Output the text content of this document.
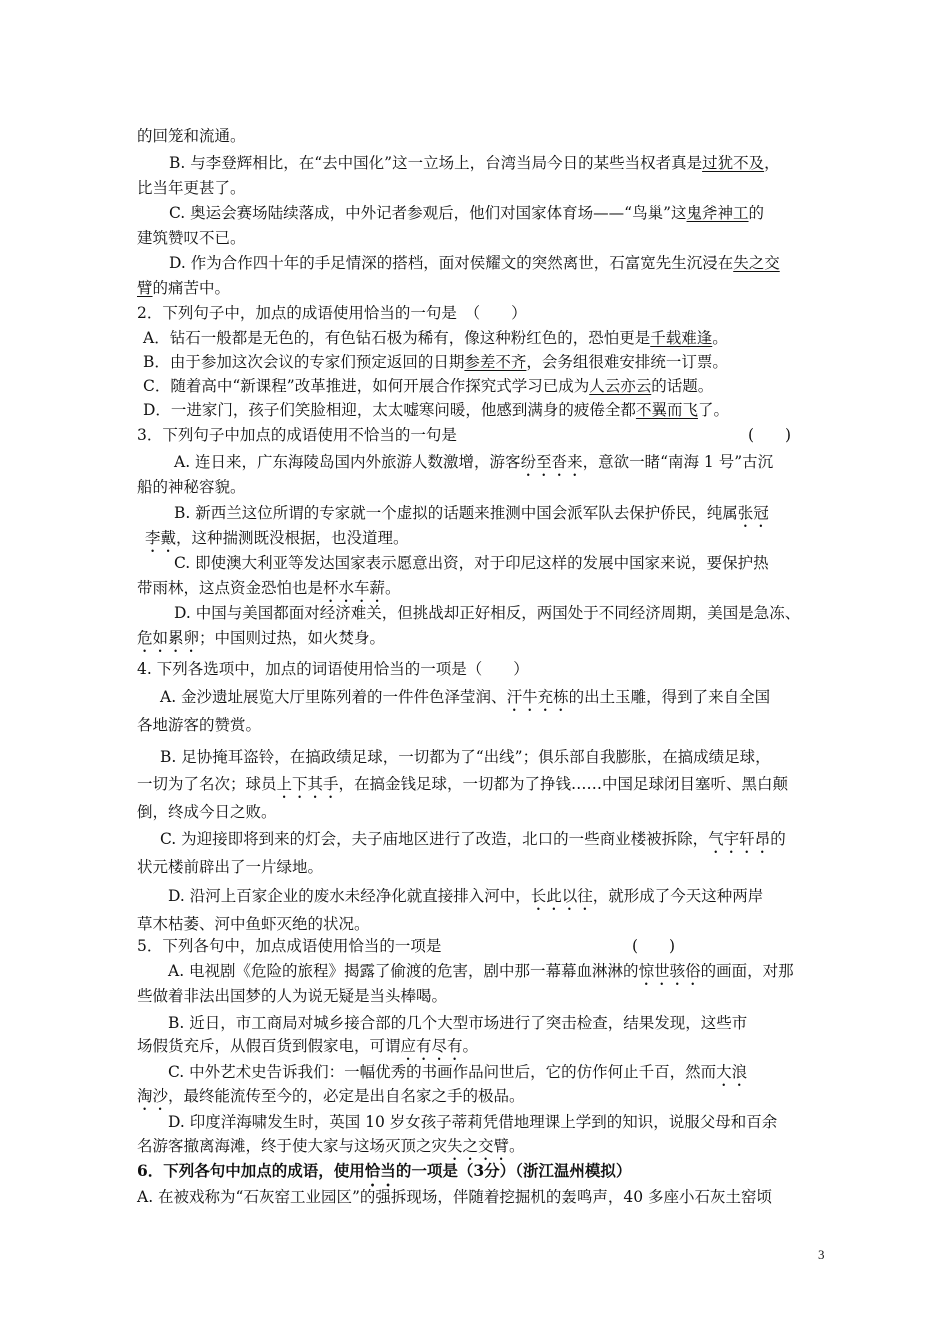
的回笼和流通。
B. 与李登辉相比，在“去中国化”这一立场上，台湾当局今日的某些当权者真是过犹不及，
比当年更甚了。
C. 奥运会赛场陆续落成，中外记者参观后，他们对国家体育场——“鸟巢”这鬼斧神工的
建筑赞叹不已。
D. 作为合作四十年的手足情深的搭档，面对侯耀文的突然离世，石富宽先生沉浸在失之交
臂的痛苦中。
2．下列句子中，加点的成语使用恰当的一句是　（　　）
A．钻石一般都是无色的，有色钻石极为稀有，像这种粉红色的，恐怕更是千载难逢。
B．由于参加这次会议的专家们预定返回的日期参差不齐，会务组很难安排统一订票。
C．随着高中“新课程”改革推进，如何开展合作探究式学习已成为人云亦云的话题。
D．一进家门，孩子们笑脸相迎，太太嘘寒问暖，他感到满身的疲倦全都不翼而飞了。
3．下列句子中加点的成语使用不恰当的一句是	(　　)
A. 连日来，广东海陵岛国内外旅游人数激增，游客纷至沓来，意欲一睹“南海 1 号”古沉
船的神秘容貌。
B. 新西兰这位所谓的专家就一个虚拟的话题来推测中国会派军队去保护侨民，纯属张冠
李戴，这种揣测既没根据，也没道理。
C. 即使澳大利亚等发达国家表示愿意出资，对于印尼这样的发展中国家来说，要保护热
带雨林，这点资金恐怕也是杯水车薪。
D. 中国与美国都面对经济难关，但挑战却正好相反，两国处于不同经济周期，美国是急冻、
危如累卵；中国则过热，如火焚身。
4. 下列各选项中，加点的词语使用恰当的一项是（　　）
A. 金沙遗址展览大厅里陈列着的一件件色泽莹润、汗牛充栋的出土玉雕，得到了来自全国
各地游客的赞赏。
B. 足协掩耳盗铃，在搞政绩足球，一切都为了“出线”；俱乐部自我膨胀，在搞成绩足球，
一切为了名次；球员上下其手，在搞金钱足球，一切都为了挣钱……中国足球闭目塞听、黑白颠
倒，终成今日之败。
C. 为迎接即将到来的灯会，夫子庙地区进行了改造，北口的一些商业楼被拆除，气宇轩昂的
状元楼前辟出了一片绿地。
D. 沿河上百家企业的废水未经净化就直接排入河中，长此以往，就形成了今天这种两岸
草木枯萎、河中鱼虾灭绝的状况。
5．下列各句中，加点成语使用恰当的一项是	(　　)
A. 电视剧《危险的旅程》揭露了偷渡的危害，剧中那一幕幕血淋淋的惊世骇俗的画面，对那
些做着非法出国梦的人为说无疑是当头棒喝。
B. 近日，市工商局对城乡接合部的几个大型市场进行了突击检查，结果发现，这些市
场假货充斥，从假百货到假家电，可谓应有尽有。
C. 中外艺术史告诉我们：一幅优秀的书画作品问世后，它的仿作何止千百，然而大浪
淘沙，最终能流传至今的，必定是出自名家之手的极品。
D. 印度洋海啸发生时，英国 10 岁女孩子蒂莉凭借地理课上学到的知识，说服父母和百余
名游客撤离海滩，终于使大家与这场灭顶之灾失之交臂。
6．下列各句中加点的成语，使用恰当的一项是（3分）（浙江温州模拟）
A. 在被戏称为“石灰窑工业园区”的强拆现场，伴随着挖掘机的轰鸣声，40 多座小石灰土窑顷
3
